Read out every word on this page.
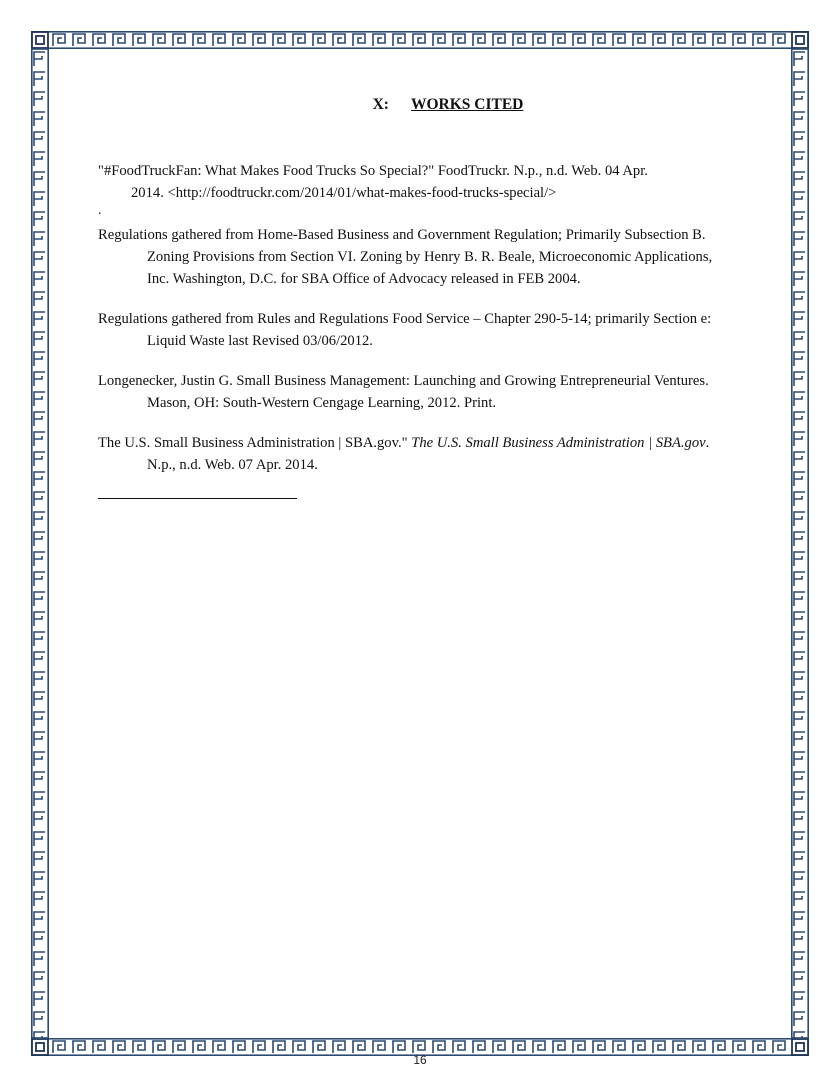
X: WORKS CITED

"#FoodTruckFan: What Makes Food Trucks So Special?" FoodTruckr. N.p., n.d. Web. 04 Apr.
2014. <http://foodtruckr.com/2014/01/what-makes-food-trucks-special/>

.

Regulations gathered from Home-Based Business and Government Regulation; Primarily Subsection B. Zoning Provisions from Section VI. Zoning by Henry B. R. Beale, Microeconomic Applications, Inc. Washington, D.C. for SBA Office of Advocacy released in FEB 2004.

Regulations gathered from Rules and Regulations Food Service – Chapter 290-5-14; primarily Section e: Liquid Waste last Revised 03/06/2012.

Longenecker, Justin G. Small Business Management: Launching and Growing Entrepreneurial Ventures. Mason, OH: South-Western Cengage Learning, 2012. Print.

The U.S. Small Business Administration | SBA.gov." The U.S. Small Business Administration | SBA.gov. N.p., n.d. Web. 07 Apr. 2014.

16
